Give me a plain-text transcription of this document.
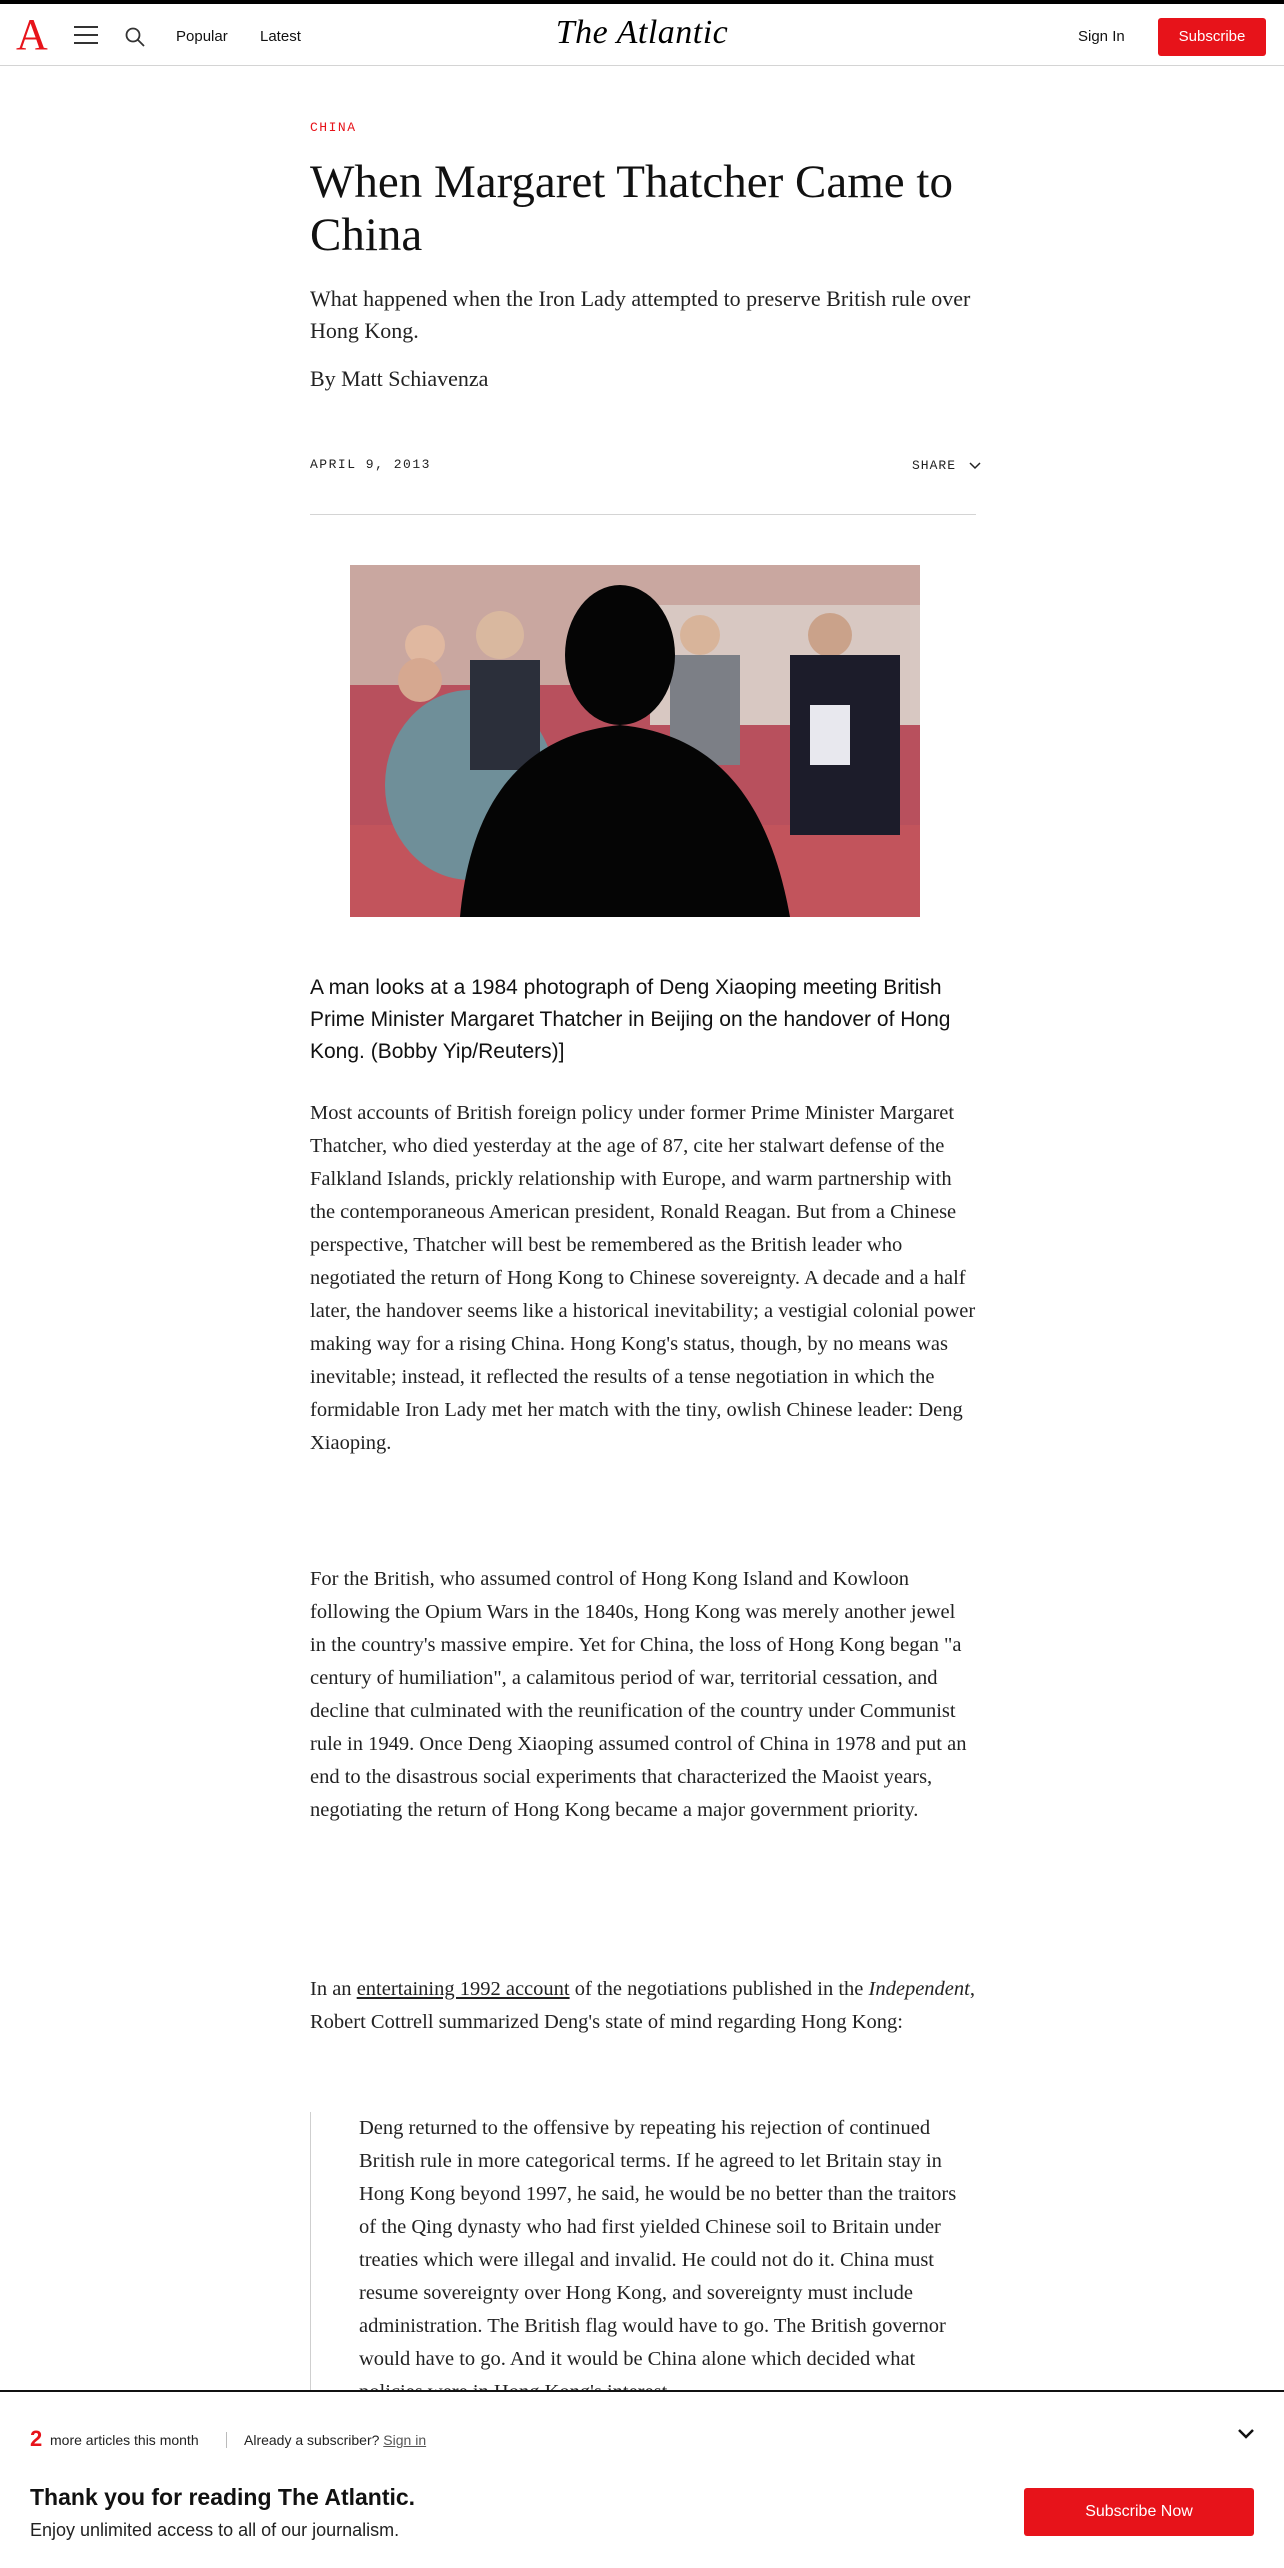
A	Popular Latest	The Atlantic	Sign In	Subscribe
CHINA
When Margaret Thatcher Came to China

What happened when the Iron Lady attempted to preserve British rule over Hong Kong.

By Matt Schiavenza
APRIL 9, 2013	SHARE

A man looks at a 1984 photograph of Deng Xiaoping meeting British Prime Minister Margaret Thatcher in Beijing on the handover of Hong Kong. (Bobby Yip/Reuters)]

Most accounts of British foreign policy under former Prime Minister Margaret Thatcher, who died yesterday at the age of 87, cite her stalwart defense of the Falkland Islands, prickly relationship with Europe, and warm partnership with the contemporaneous American president, Ronald Reagan. But from a Chinese perspective, Thatcher will best be remembered as the British leader who negotiated the return of Hong Kong to Chinese sovereignty. A decade and a half later, the handover seems like a historical inevitability; a vestigial colonial power making way for a rising China. Hong Kong's status, though, by no means was inevitable; instead, it reflected the results of a tense negotiation in which the formidable Iron Lady met her match with the tiny, owlish Chinese leader: Deng Xiaoping.

For the British, who assumed control of Hong Kong Island and Kowloon following the Opium Wars in the 1840s, Hong Kong was merely another jewel in the country's massive empire. Yet for China, the loss of Hong Kong began "a century of humiliation", a calamitous period of war, territorial cessation, and decline that culminated with the reunification of the country under Communist rule in 1949. Once Deng Xiaoping assumed control of China in 1978 and put an end to the disastrous social experiments that characterized the Maoist years, negotiating the return of Hong Kong became a major government priority.

In an entertaining 1992 account of the negotiations published in the Independent, Robert Cottrell summarized Deng's state of mind regarding Hong Kong:

Deng returned to the offensive by repeating his rejection of continued British rule in more categorical terms. If he agreed to let Britain stay in Hong Kong beyond 1997, he said, he would be no better than the traitors of the Qing dynasty who had first yielded Chinese soil to Britain under treaties which were illegal and invalid. He could not do it. China must resume sovereignty over Hong Kong, and sovereignty must include administration. The British flag would have to go. The British governor would have to go. And it would be China alone which decided what
2 more articles this month	Already a subscriber? Sign in
Thank you for reading The Atlantic.
Enjoy unlimited access to all of our journalism.
Subscribe Now
